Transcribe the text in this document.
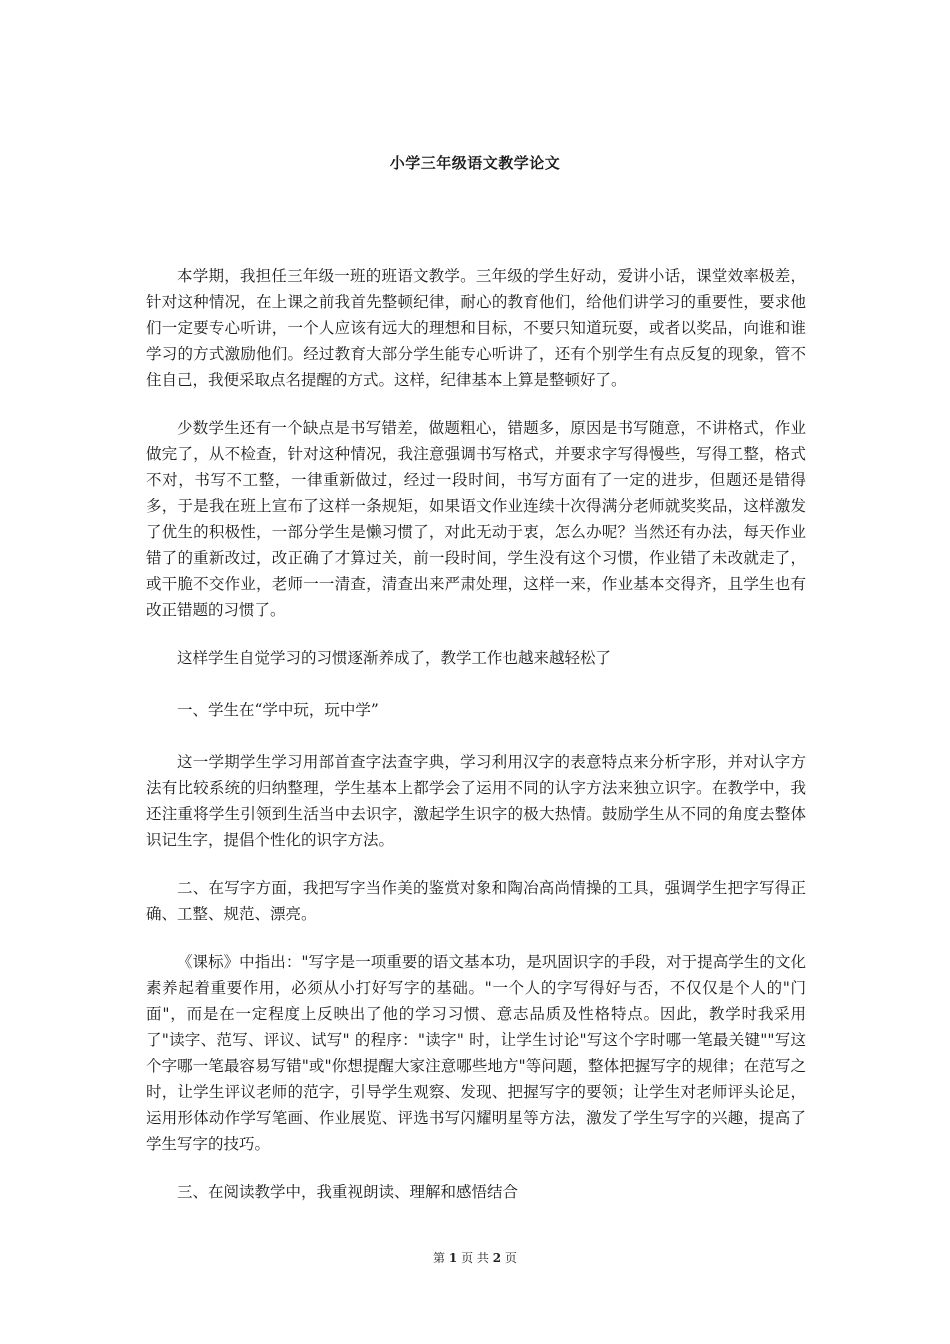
小学三年级语文教学论文

本学期，我担任三年级一班的班语文教学。三年级的学生好动，爱讲小话，课堂效率极差，针对这种情况，在上课之前我首先整顿纪律，耐心的教育他们，给他们讲学习的重要性，要求他们一定要专心听讲，一个人应该有远大的理想和目标，不要只知道玩耍，或者以奖品，向谁和谁学习的方式激励他们。经过教育大部分学生能专心听讲了，还有个别学生有点反复的现象，管不住自己，我便采取点名提醒的方式。这样，纪律基本上算是整顿好了。

少数学生还有一个缺点是书写错差，做题粗心，错题多，原因是书写随意，不讲格式，作业做完了，从不检查，针对这种情况，我注意强调书写格式，并要求字写得慢些，写得工整，格式不对，书写不工整，一律重新做过，经过一段时间，书写方面有了一定的进步，但题还是错得多，于是我在班上宣布了这样一条规矩，如果语文作业连续十次得满分老师就奖奖品，这样激发了优生的积极性，一部分学生是懒习惯了，对此无动于衷，怎么办呢？当然还有办法，每天作业错了的重新改过，改正确了才算过关，前一段时间，学生没有这个习惯，作业错了未改就走了，或干脆不交作业，老师一一清查，清查出来严肃处理，这样一来，作业基本交得齐，且学生也有改正错题的习惯了。

这样学生自觉学习的习惯逐渐养成了，教学工作也越来越轻松了

一、学生在“学中玩，玩中学”

这一学期学生学习用部首查字法查字典，学习利用汉字的表意特点来分析字形，并对认字方法有比较系统的归纳整理，学生基本上都学会了运用不同的认字方法来独立识字。在教学中，我还注重将学生引领到生活当中去识字，激起学生识字的极大热情。鼓励学生从不同的角度去整体识记生字，提倡个性化的识字方法。

二、在写字方面，我把写字当作美的鉴赏对象和陶冶高尚情操的工具，强调学生把字写得正确、工整、规范、漂亮。

《课标》中指出："写字是一项重要的语文基本功，是巩固识字的手段，对于提高学生的文化素养起着重要作用，必须从小打好写字的基础。"一个人的字写得好与否，不仅仅是个人的"门面"，而是在一定程度上反映出了他的学习习惯、意志品质及性格特点。因此，教学时我采用了"读字、范写、评议、试写" 的程序："读字" 时，让学生讨论"写这个字时哪一笔最关键""写这个字哪一笔最容易写错"或"你想提醒大家注意哪些地方"等问题，整体把握写字的规律；在范写之时，让学生评议老师的范字，引导学生观察、发现、把握写字的要领；让学生对老师评头论足，运用形体动作学写笔画、作业展览、评选书写闪耀明星等方法，激发了学生写字的兴趣，提高了学生写字的技巧。

三、在阅读教学中，我重视朗读、理解和感悟结合

第 1 页 共 2 页
